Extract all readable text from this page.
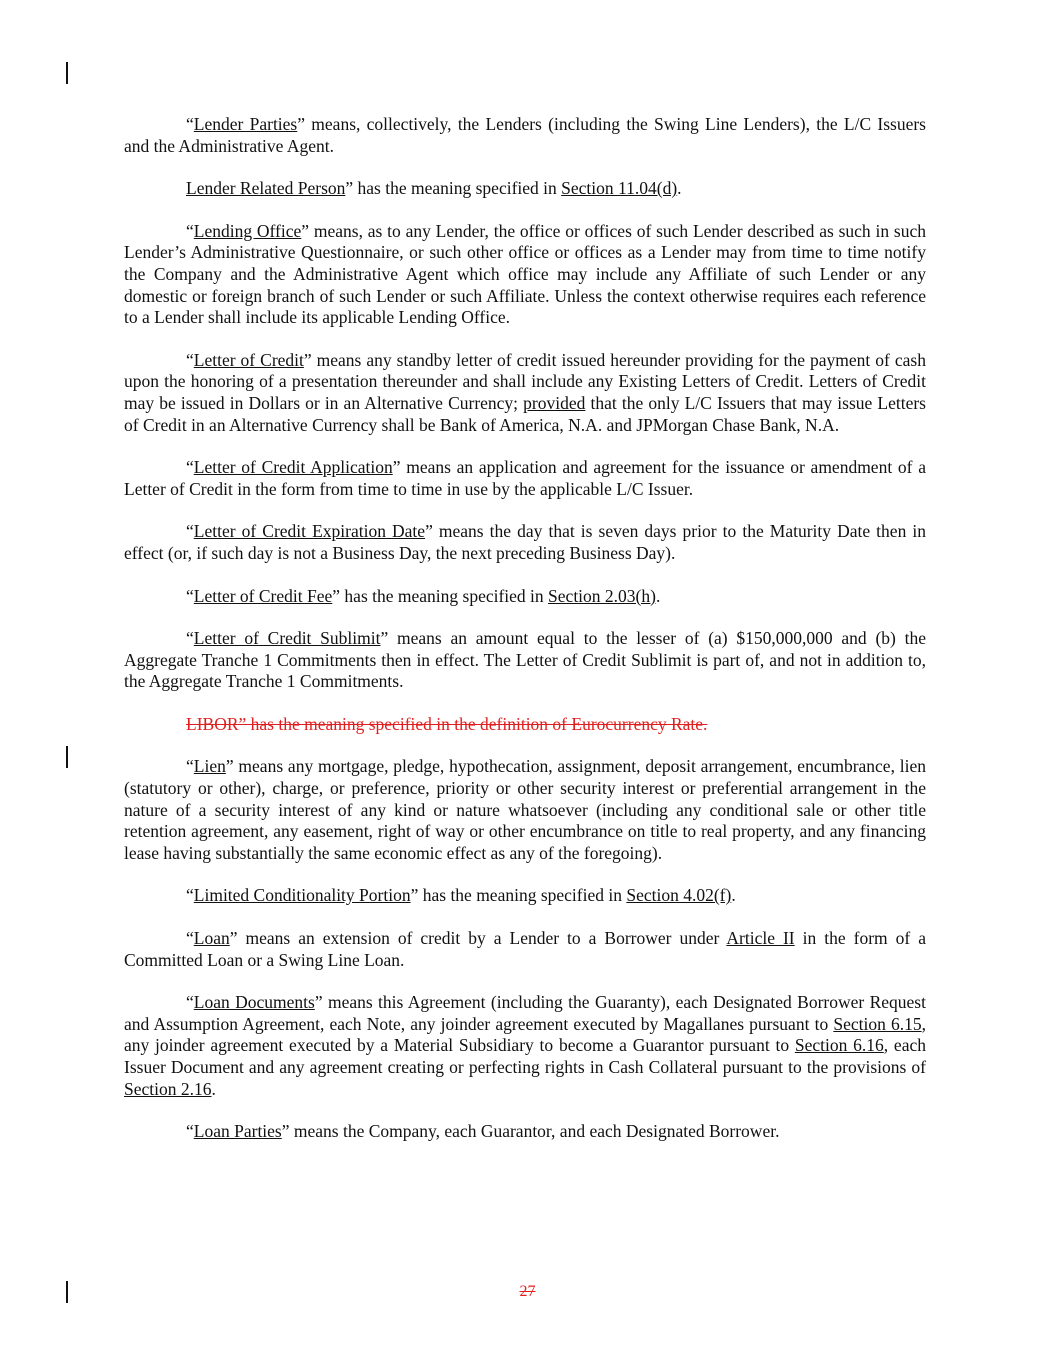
“Lender Parties” means, collectively, the Lenders (including the Swing Line Lenders), the L/C Issuers and the Administrative Agent.

Lender Related Person” has the meaning specified in Section 11.04(d).

“Lending Office” means, as to any Lender, the office or offices of such Lender described as such in such Lender’s Administrative Questionnaire, or such other office or offices as a Lender may from time to time notify the Company and the Administrative Agent which office may include any Affiliate of such Lender or any domestic or foreign branch of such Lender or such Affiliate. Unless the context otherwise requires each reference to a Lender shall include its applicable Lending Office.

“Letter of Credit” means any standby letter of credit issued hereunder providing for the payment of cash upon the honoring of a presentation thereunder and shall include any Existing Letters of Credit. Letters of Credit may be issued in Dollars or in an Alternative Currency; provided that the only L/C Issuers that may issue Letters of Credit in an Alternative Currency shall be Bank of America, N.A. and JPMorgan Chase Bank, N.A.

“Letter of Credit Application” means an application and agreement for the issuance or amendment of a Letter of Credit in the form from time to time in use by the applicable L/C Issuer.

“Letter of Credit Expiration Date” means the day that is seven days prior to the Maturity Date then in effect (or, if such day is not a Business Day, the next preceding Business Day).

“Letter of Credit Fee” has the meaning specified in Section 2.03(h).

“Letter of Credit Sublimit” means an amount equal to the lesser of (a) $150,000,000 and (b) the Aggregate Tranche 1 Commitments then in effect. The Letter of Credit Sublimit is part of, and not in addition to, the Aggregate Tranche 1 Commitments.

LIBOR” has the meaning specified in the definition of Eurocurrency Rate.

“Lien” means any mortgage, pledge, hypothecation, assignment, deposit arrangement, encumbrance, lien (statutory or other), charge, or preference, priority or other security interest or preferential arrangement in the nature of a security interest of any kind or nature whatsoever (including any conditional sale or other title retention agreement, any easement, right of way or other encumbrance on title to real property, and any financing lease having substantially the same economic effect as any of the foregoing).

“Limited Conditionality Portion” has the meaning specified in Section 4.02(f).

“Loan” means an extension of credit by a Lender to a Borrower under Article II in the form of a Committed Loan or a Swing Line Loan.

“Loan Documents” means this Agreement (including the Guaranty), each Designated Borrower Request and Assumption Agreement, each Note, any joinder agreement executed by Magallanes pursuant to Section 6.15, any joinder agreement executed by a Material Subsidiary to become a Guarantor pursuant to Section 6.16, each Issuer Document and any agreement creating or perfecting rights in Cash Collateral pursuant to the provisions of Section 2.16.

“Loan Parties” means the Company, each Guarantor, and each Designated Borrower.

27
